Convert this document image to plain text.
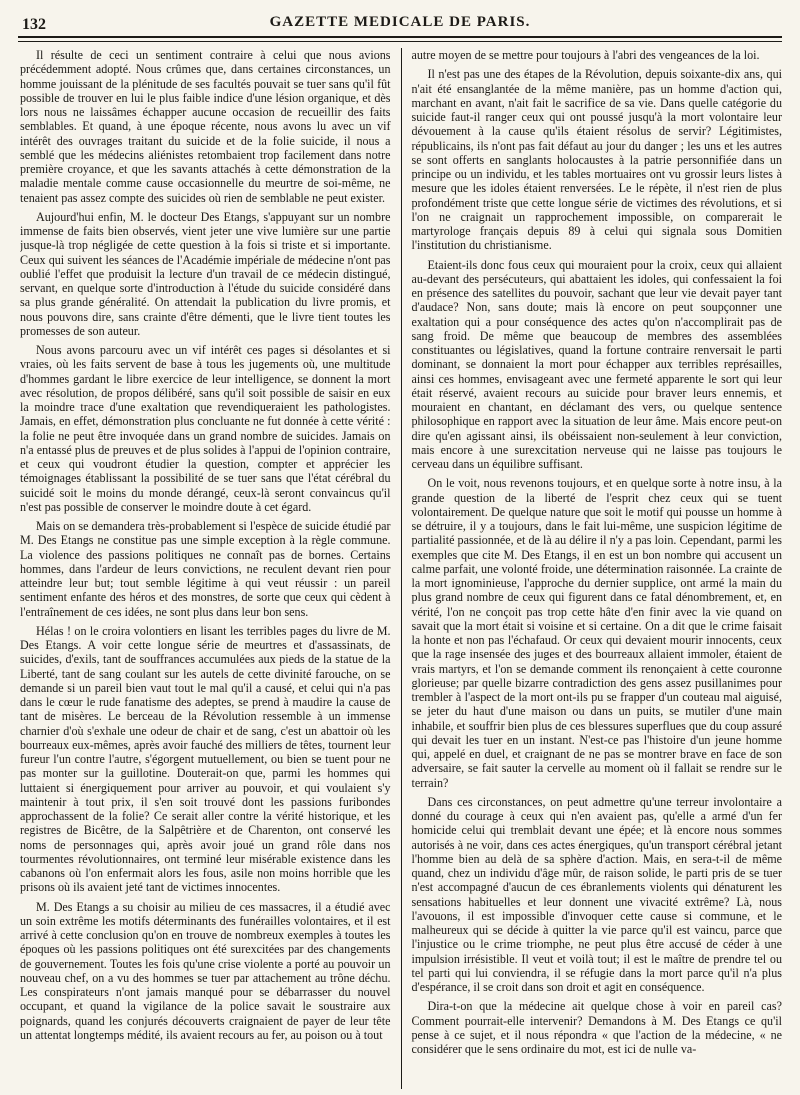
132	GAZETTE MEDICALE DE PARIS.

Il résulte de ceci un sentiment contraire à celui que nous avions précédemment adopté. Nous crûmes que, dans certaines circonstances, un homme jouissant de la plénitude de ses facultés pouvait se tuer sans qu'il fût possible de trouver en lui le plus faible indice d'une lésion organique, et dès lors nous ne laissâmes échapper aucune occasion de recueillir des faits semblables. Et quand, à une époque récente, nous avons lu avec un vif intérêt des ouvrages traitant du suicide et de la folie suicide, il nous a semblé que les médecins aliénistes retombaient trop facilement dans notre première croyance, et que les savants attachés à cette démonstration de la maladie mentale comme cause occasionnelle du meurtre de soi-même, ne tenaient pas assez compte des suicides où rien de semblable ne peut exister.

Aujourd'hui enfin, M. le docteur Des Etangs, s'appuyant sur un nombre immense de faits bien observés, vient jeter une vive lumière sur une partie jusque-là trop négligée de cette question à la fois si triste et si importante. Ceux qui suivent les séances de l'Académie impériale de médecine n'ont pas oublié l'effet que produisit la lecture d'un travail de ce médecin distingué, servant, en quelque sorte d'introduction à l'étude du suicide considéré dans sa plus grande généralité. On attendait la publication du livre promis, et nous pouvons dire, sans crainte d'être démenti, que le livre tient toutes les promesses de son auteur.

Nous avons parcouru avec un vif intérêt ces pages si désolantes et si vraies, où les faits servent de base à tous les jugements où, une multitude d'hommes gardant le libre exercice de leur intelligence, se donnent la mort avec résolution, de propos délibéré, sans qu'il soit possible de saisir en eux la moindre trace d'une exaltation que revendiqueraient les pathologistes. Jamais, en effet, démonstration plus concluante ne fut donnée à cette vérité : la folie ne peut être invoquée dans un grand nombre de suicides. Jamais on n'a entassé plus de preuves et de plus solides à l'appui de l'opinion contraire, et ceux qui voudront étudier la question, compter et apprécier les témoignages établissant la possibilité de se tuer sans que l'état cérébral du suicidé soit le moins du monde dérangé, ceux-là seront convaincus qu'il n'est pas possible de conserver le moindre doute à cet égard.

Mais on se demandera très-probablement si l'espèce de suicide étudié par M. Des Etangs ne constitue pas une simple exception à la règle commune. La violence des passions politiques ne connaît pas de bornes. Certains hommes, dans l'ardeur de leurs convictions, ne reculent devant rien pour atteindre leur but; tout semble légitime à qui veut réussir : un pareil sentiment enfante des héros et des monstres, de sorte que ceux qui cèdent à l'entraînement de ces idées, ne sont plus dans leur bon sens.

Hélas ! on le croira volontiers en lisant les terribles pages du livre de M. Des Etangs. A voir cette longue série de meurtres et d'assassinats, de suicides, d'exils, tant de souffrances accumulées aux pieds de la statue de la Liberté, tant de sang coulant sur les autels de cette divinité farouche, on se demande si un pareil bien vaut tout le mal qu'il a causé, et celui qui n'a pas dans le cœur le rude fanatisme des adeptes, se prend à maudire la cause de tant de misères. Le berceau de la Révolution ressemble à un immense charnier d'où s'exhale une odeur de chair et de sang, c'est un abattoir où les bourreaux eux-mêmes, après avoir fauché des milliers de têtes, tournent leur fureur l'un contre l'autre, s'égorgent mutuellement, ou bien se tuent pour ne pas monter sur la guillotine. Douterait-on que, parmi les hommes qui luttaient si énergiquement pour arriver au pouvoir, et qui voulaient s'y maintenir à tout prix, il s'en soit trouvé dont les passions furibondes approchassent de la folie? Ce serait aller contre la vérité historique, et les registres de Bicêtre, de la Salpêtrière et de Charenton, ont conservé les noms de personnages qui, après avoir joué un grand rôle dans nos tourmentes révolutionnaires, ont terminé leur misérable existence dans les cabanons où l'on enfermait alors les fous, asile non moins horrible que les prisons où ils avaient jeté tant de victimes innocentes.

M. Des Etangs a su choisir au milieu de ces massacres, il a étudié avec un soin extrême les motifs déterminants des funérailles volontaires, et il est arrivé à cette conclusion qu'on en trouve de nombreux exemples à toutes les époques où les passions politiques ont été surexcitées par des changements de gouvernement. Toutes les fois qu'une crise violente a porté au pouvoir un nouveau chef, on a vu des hommes se tuer par attachement au trône déchu. Les conspirateurs n'ont jamais manqué pour se débarrasser du nouvel occupant, et quand la vigilance de la police savait le soustraire aux poignards, quand les conjurés découverts craignaient de payer de leur tête un attentat longtemps médité, ils avaient recours au fer, au poison ou à tout

autre moyen de se mettre pour toujours à l'abri des vengeances de la loi.

Il n'est pas une des étapes de la Révolution, depuis soixante-dix ans, qui n'ait été ensanglantée de la même manière, pas un homme d'action qui, marchant en avant, n'ait fait le sacrifice de sa vie. Dans quelle catégorie du suicide faut-il ranger ceux qui ont poussé jusqu'à la mort volontaire leur dévouement à la cause qu'ils étaient résolus de servir? Légitimistes, républicains, ils n'ont pas fait défaut au jour du danger ; les uns et les autres se sont offerts en sanglants holocaustes à la patrie personnifiée dans un principe ou un individu, et les tables mortuaires ont vu grossir leurs listes à mesure que les idoles étaient renversées. Le le répète, il n'est rien de plus profondément triste que cette longue série de victimes des révolutions, et si l'on ne craignait un rapprochement impossible, on comparerait le martyrologe français depuis 89 à celui qui signala sous Domitien l'institution du christianisme.

Etaient-ils donc fous ceux qui mouraient pour la croix, ceux qui allaient au-devant des persécuteurs, qui abattaient les idoles, qui confessaient la foi en présence des satellites du pouvoir, sachant que leur vie devait payer tant d'audace? Non, sans doute; mais là encore on peut soupçonner une exaltation qui a pour conséquence des actes qu'on n'accomplirait pas de sang froid. De même que beaucoup de membres des assemblées constituantes ou législatives, quand la fortune contraire renversait le parti dominant, se donnaient la mort pour échapper aux terribles représailles, ainsi ces hommes, envisageant avec une fermeté apparente le sort qui leur était réservé, avaient recours au suicide pour braver leurs ennemis, et mouraient en chantant, en déclamant des vers, ou quelque sentence philosophique en rapport avec la situation de leur âme. Mais encore peut-on dire qu'en agissant ainsi, ils obéissaient non-seulement à leur conviction, mais encore à une surexcitation nerveuse qui ne laisse pas toujours le cerveau dans un équilibre suffisant.

On le voit, nous revenons toujours, et en quelque sorte à notre insu, à la grande question de la liberté de l'esprit chez ceux qui se tuent volontairement. De quelque nature que soit le motif qui pousse un homme à se détruire, il y a toujours, dans le fait lui-même, une suspicion légitime de partialité passionnée, et de là au délire il n'y a pas loin. Cependant, parmi les exemples que cite M. Des Etangs, il en est un bon nombre qui accusent un calme parfait, une volonté froide, une détermination raisonnée. La crainte de la mort ignominieuse, l'approche du dernier supplice, ont armé la main du plus grand nombre de ceux qui figurent dans ce fatal dénombrement, et, en vérité, l'on ne conçoit pas trop cette hâte d'en finir avec la vie quand on savait que la mort était si voisine et si certaine. On a dit que le crime faisait la honte et non pas l'échafaud. Or ceux qui devaient mourir innocents, ceux que la rage insensée des juges et des bourreaux allaient immoler, étaient de vrais martyrs, et l'on se demande comment ils renonçaient à cette couronne glorieuse; par quelle bizarre contradiction des gens assez pusillanimes pour trembler à l'aspect de la mort ont-ils pu se frapper d'un couteau mal aiguisé, se jeter du haut d'une maison ou dans un puits, se mutiler d'une main inhabile, et souffrir bien plus de ces blessures superflues que du coup assuré qui devait les tuer en un instant. N'est-ce pas l'histoire d'un jeune homme qui, appelé en duel, et craignant de ne pas se montrer brave en face de son adversaire, se fait sauter la cervelle au moment où il fallait se rendre sur le terrain?

Dans ces circonstances, on peut admettre qu'une terreur involontaire a donné du courage à ceux qui n'en avaient pas, qu'elle a armé d'un fer homicide celui qui tremblait devant une épée; et là encore nous sommes autorisés à ne voir, dans ces actes énergiques, qu'un transport cérébral jetant l'homme bien au delà de sa sphère d'action. Mais, en sera-t-il de même quand, chez un individu d'âge mûr, de raison solide, le parti pris de se tuer n'est accompagné d'aucun de ces ébranlements violents qui dénaturent les sensations habituelles et leur donnent une vivacité extrême? Là, nous l'avouons, il est impossible d'invoquer cette cause si commune, et le malheureux qui se décide à quitter la vie parce qu'il est vaincu, parce que l'injustice ou le crime triomphe, ne peut plus être accusé de céder à une impulsion irrésistible. Il veut et voilà tout; il est le maître de prendre tel ou tel parti qui lui conviendra, il se réfugie dans la mort parce qu'il n'a plus d'espérance, il se croit dans son droit et agit en conséquence.

Dira-t-on que la médecine ait quelque chose à voir en pareil cas? Comment pourrait-elle intervenir? Demandons à M. Des Etangs ce qu'il pense à ce sujet, et il nous répondra « que l'action de la médecine, « ne considérer que le sens ordinaire du mot, est ici de nulle va-
